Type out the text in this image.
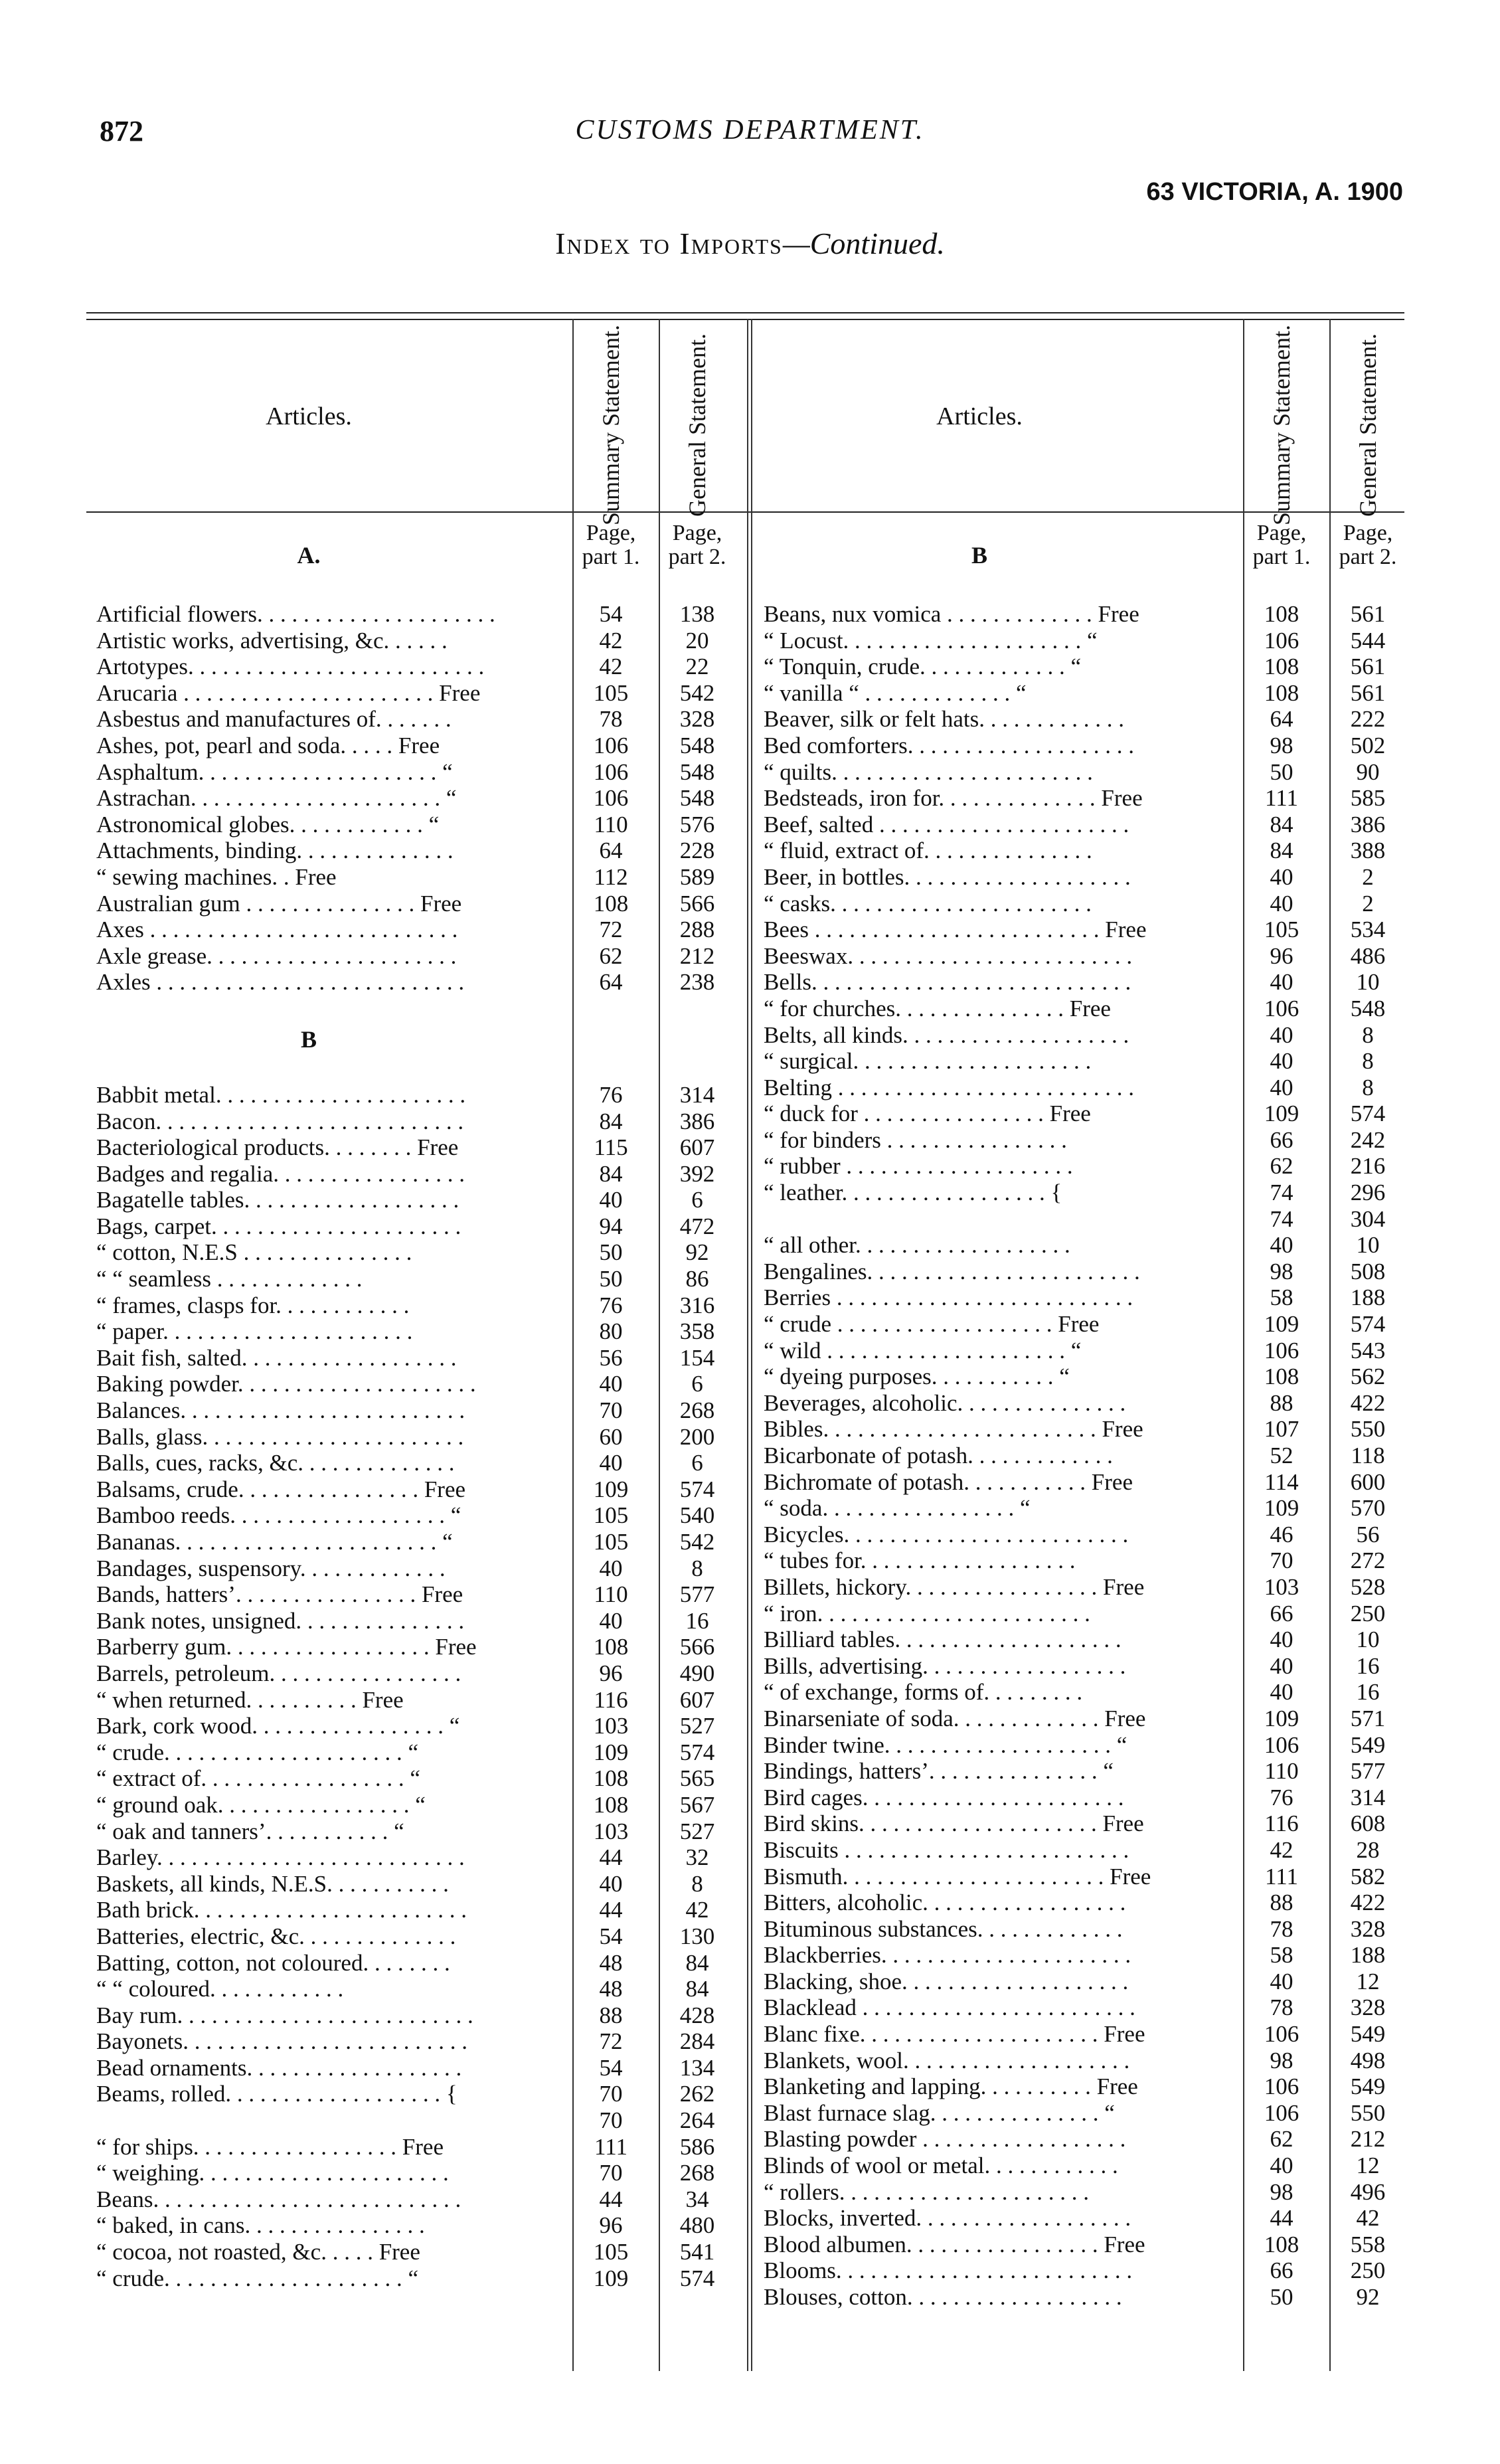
872	CUSTOMS DEPARTMENT.
63 VICTORIA, A. 1900
Index to Imports—Continued.
Articles.	Summary Statement.	General Statement.
A.
Page, part 1.
Page, part 2.
Artificial flowers. . . . . . . . . . . . . . . . . . . . .	54	138
Artistic works, advertising, &c. . . . . .	42	20
Artotypes. . . . . . . . . . . . . . . . . . . . . . . . . .	42	22
Arucaria . . . . . . . . . . . . . . . . . . . . . . Free	105	542
Asbestus and manufactures of. . . . . . .	78	328
Ashes, pot, pearl and soda. . . . . Free	106	548
Asphaltum. . . . . . . . . . . . . . . . . . . . . “	106	548
Astrachan. . . . . . . . . . . . . . . . . . . . . . “	106	548
Astronomical globes. . . . . . . . . . . . “	110	576
Attachments, binding. . . . . . . . . . . . . .	64	228
“ sewing machines. . Free	112	589
Australian gum . . . . . . . . . . . . . . . Free	108	566
Axes . . . . . . . . . . . . . . . . . . . . . . . . . . .	72	288
Axle grease. . . . . . . . . . . . . . . . . . . . . .	62	212
Axles . . . . . . . . . . . . . . . . . . . . . . . . . . .	64	238
B
Babbit metal. . . . . . . . . . . . . . . . . . . . . .	76	314
Bacon. . . . . . . . . . . . . . . . . . . . . . . . . . .	84	386
Bacteriological products. . . . . . . . Free	115	607
Badges and regalia. . . . . . . . . . . . . . . . .	84	392
Bagatelle tables. . . . . . . . . . . . . . . . . . .	40	6
Bags, carpet. . . . . . . . . . . . . . . . . . . . . .	94	472
“ cotton, N.E.S . . . . . . . . . . . . . . .	50	92
“ “ seamless . . . . . . . . . . . . .	50	86
“ frames, clasps for. . . . . . . . . . . .	76	316
“ paper. . . . . . . . . . . . . . . . . . . . . .	80	358
Bait fish, salted. . . . . . . . . . . . . . . . . . .	56	154
Baking powder. . . . . . . . . . . . . . . . . . . . .	40	6
Balances. . . . . . . . . . . . . . . . . . . . . . . . .	70	268
Balls, glass. . . . . . . . . . . . . . . . . . . . . . .	60	200
Balls, cues, racks, &c. . . . . . . . . . . . . .	40	6
Balsams, crude. . . . . . . . . . . . . . . . Free	109	574
Bamboo reeds. . . . . . . . . . . . . . . . . . . “	105	540
Bananas. . . . . . . . . . . . . . . . . . . . . . . “	105	542
Bandages, suspensory. . . . . . . . . . . . .	40	8
Bands, hatters’. . . . . . . . . . . . . . . . Free	110	577
Bank notes, unsigned. . . . . . . . . . . . . . .	40	16
Barberry gum. . . . . . . . . . . . . . . . . . Free	108	566
Barrels, petroleum. . . . . . . . . . . . . . . . .	96	490
“ when returned. . . . . . . . . . Free	116	607
Bark, cork wood. . . . . . . . . . . . . . . . . “	103	527
“ crude. . . . . . . . . . . . . . . . . . . . . “	109	574
“ extract of. . . . . . . . . . . . . . . . . . “	108	565
“ ground oak. . . . . . . . . . . . . . . . . “	108	567
“ oak and tanners’. . . . . . . . . . . “	103	527
Barley. . . . . . . . . . . . . . . . . . . . . . . . . . .	44	32
Baskets, all kinds, N.E.S. . . . . . . . . . .	40	8
Bath brick. . . . . . . . . . . . . . . . . . . . . . . .	44	42
Batteries, electric, &c. . . . . . . . . . . . . .	54	130
Batting, cotton, not coloured. . . . . . . .	48	84
“ “ coloured. . . . . . . . . . . .	48	84
Bay rum. . . . . . . . . . . . . . . . . . . . . . . . . .	88	428
Bayonets. . . . . . . . . . . . . . . . . . . . . . . . .	72	284
Bead ornaments. . . . . . . . . . . . . . . . . . .	54	134
Beams, rolled. . . . . . . . . . . . . . . . . . . {	70	262
70	264
“ for ships. . . . . . . . . . . . . . . . . . Free	111	586
“ weighing. . . . . . . . . . . . . . . . . . . . . .	70	268
Beans. . . . . . . . . . . . . . . . . . . . . . . . . . .	44	34
“ baked, in cans. . . . . . . . . . . . . . . .	96	480
“ cocoa, not roasted, &c. . . . . Free	105	541
“ crude. . . . . . . . . . . . . . . . . . . . . “	109	574
Articles.	Summary Statement.	General Statement.
B
Page, part 1.
Page, part 2.
Beans, nux vomica . . . . . . . . . . . . . Free	108	561
“ Locust. . . . . . . . . . . . . . . . . . . . . “	106	544
“ Tonquin, crude. . . . . . . . . . . . . “	108	561
“ vanilla “ . . . . . . . . . . . . . “	108	561
Beaver, silk or felt hats. . . . . . . . . . . . .	64	222
Bed comforters. . . . . . . . . . . . . . . . . . . .	98	502
“ quilts. . . . . . . . . . . . . . . . . . . . . . .	50	90
Bedsteads, iron for. . . . . . . . . . . . . . Free	111	585
Beef, salted . . . . . . . . . . . . . . . . . . . . . .	84	386
“ fluid, extract of. . . . . . . . . . . . . . .	84	388
Beer, in bottles. . . . . . . . . . . . . . . . . . . .	40	2
“ casks. . . . . . . . . . . . . . . . . . . . . . .	40	2
Bees . . . . . . . . . . . . . . . . . . . . . . . . . Free	105	534
Beeswax. . . . . . . . . . . . . . . . . . . . . . . . .	96	486
Bells. . . . . . . . . . . . . . . . . . . . . . . . . . . .	40	10
“ for churches. . . . . . . . . . . . . . . Free	106	548
Belts, all kinds. . . . . . . . . . . . . . . . . . . .	40	8
“ surgical. . . . . . . . . . . . . . . . . . . . .	40	8
Belting . . . . . . . . . . . . . . . . . . . . . . . . . .	40	8
“ duck for . . . . . . . . . . . . . . . . Free	109	574
“ for binders . . . . . . . . . . . . . . . .	66	242
“ rubber . . . . . . . . . . . . . . . . . . . .	62	216
“ leather. . . . . . . . . . . . . . . . . . {	74	296
74	304
“ all other. . . . . . . . . . . . . . . . . . .	40	10
Bengalines. . . . . . . . . . . . . . . . . . . . . . . .	98	508
Berries . . . . . . . . . . . . . . . . . . . . . . . . . .	58	188
“ crude . . . . . . . . . . . . . . . . . . . Free	109	574
“ wild . . . . . . . . . . . . . . . . . . . . . “	106	543
“ dyeing purposes. . . . . . . . . . . “	108	562
Beverages, alcoholic. . . . . . . . . . . . . . .	88	422
Bibles. . . . . . . . . . . . . . . . . . . . . . . . Free	107	550
Bicarbonate of potash. . . . . . . . . . . . .	52	118
Bichromate of potash. . . . . . . . . . . Free	114	600
“ soda. . . . . . . . . . . . . . . . . “	109	570
Bicycles. . . . . . . . . . . . . . . . . . . . . . . . .	46	56
“ tubes for. . . . . . . . . . . . . . . . . . .	70	272
Billets, hickory. . . . . . . . . . . . . . . . . Free	103	528
“ iron. . . . . . . . . . . . . . . . . . . . . . . .	66	250
Billiard tables. . . . . . . . . . . . . . . . . . . .	40	10
Bills, advertising. . . . . . . . . . . . . . . . . .	40	16
“ of exchange, forms of. . . . . . . . .	40	16
Binarseniate of soda. . . . . . . . . . . . . Free	109	571
Binder twine. . . . . . . . . . . . . . . . . . . . “	106	549
Bindings, hatters’. . . . . . . . . . . . . . . “	110	577
Bird cages. . . . . . . . . . . . . . . . . . . . . . .	76	314
Bird skins. . . . . . . . . . . . . . . . . . . . . Free	116	608
Biscuits . . . . . . . . . . . . . . . . . . . . . . . . .	42	28
Bismuth. . . . . . . . . . . . . . . . . . . . . . . Free	111	582
Bitters, alcoholic. . . . . . . . . . . . . . . . . .	88	422
Bituminous substances. . . . . . . . . . . . .	78	328
Blackberries. . . . . . . . . . . . . . . . . . . . . .	58	188
Blacking, shoe. . . . . . . . . . . . . . . . . . . .	40	12
Blacklead . . . . . . . . . . . . . . . . . . . . . . . .	78	328
Blanc fixe. . . . . . . . . . . . . . . . . . . . . Free	106	549
Blankets, wool. . . . . . . . . . . . . . . . . . . .	98	498
Blanketing and lapping. . . . . . . . . . Free	106	549
Blast furnace slag. . . . . . . . . . . . . . . “	106	550
Blasting powder . . . . . . . . . . . . . . . . . .	62	212
Blinds of wool or metal. . . . . . . . . . . .	40	12
“ rollers. . . . . . . . . . . . . . . . . . . . . .	98	496
Blocks, inverted. . . . . . . . . . . . . . . . . . .	44	42
Blood albumen. . . . . . . . . . . . . . . . . Free	108	558
Blooms. . . . . . . . . . . . . . . . . . . . . . . . . .	66	250
Blouses, cotton. . . . . . . . . . . . . . . . . . .	50	92
